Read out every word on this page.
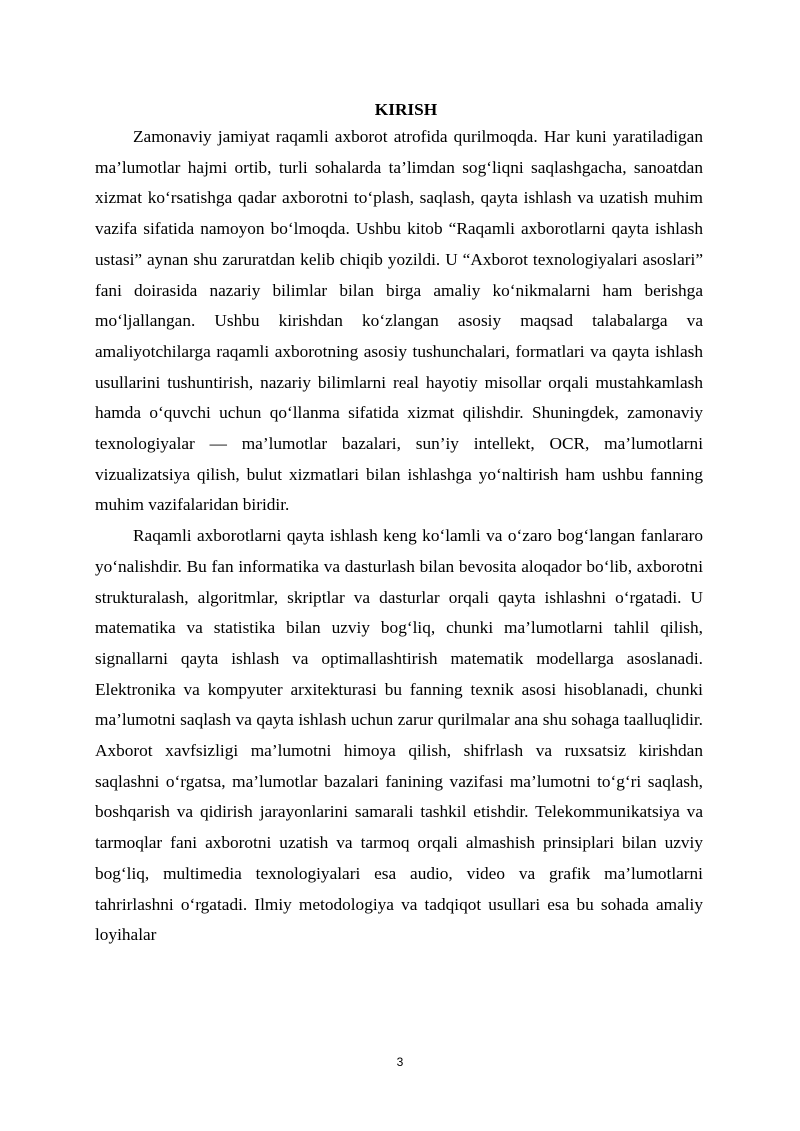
KIRISH

Zamonaviy jamiyat raqamli axborot atrofida qurilmoqda. Har kuni yaratiladigan ma’lumotlar hajmi ortib, turli sohalarda ta’limdan sog‘liqni saqlashgacha, sanoatdan xizmat ko‘rsatishga qadar axborotni to‘plash, saqlash, qayta ishlash va uzatish muhim vazifa sifatida namoyon bo‘lmoqda. Ushbu kitob “Raqamli axborotlarni qayta ishlash ustasi” aynan shu zaruratdan kelib chiqib yozildi. U “Axborot texnologiyalari asoslari” fani doirasida nazariy bilimlar bilan birga amaliy ko‘nikmalarni ham berishga mo‘ljallangan. Ushbu kirishdan ko‘zlangan asosiy maqsad talabalarga va amaliyotchilarga raqamli axborotning asosiy tushunchalari, formatlari va qayta ishlash usullarini tushuntirish, nazariy bilimlarni real hayotiy misollar orqali mustahkamlash hamda o‘quvchi uchun qo‘llanma sifatida xizmat qilishdir. Shuningdek, zamonaviy texnologiyalar — ma’lumotlar bazalari, sun’iy intellekt, OCR, ma’lumotlarni vizualizatsiya qilish, bulut xizmatlari bilan ishlashga yo‘naltirish ham ushbu fanning muhim vazifalaridan biridir.

Raqamli axborotlarni qayta ishlash keng ko‘lamli va o‘zaro bog‘langan fanlararo yo‘nalishdir. Bu fan informatika va dasturlash bilan bevosita aloqador bo‘lib, axborotni strukturalash, algoritmlar, skriptlar va dasturlar orqali qayta ishlashni o‘rgatadi. U matematika va statistika bilan uzviy bog‘liq, chunki ma’lumotlarni tahlil qilish, signallarni qayta ishlash va optimallashtirish matematik modellarga asoslanadi. Elektronika va kompyuter arxitekturasi bu fanning texnik asosi hisoblanadi, chunki ma’lumotni saqlash va qayta ishlash uchun zarur qurilmalar ana shu sohaga taalluqlidir. Axborot xavfsizligi ma’lumotni himoya qilish, shifrlash va ruxsatsiz kirishdan saqlashni o‘rgatsa, ma’lumotlar bazalari fanining vazifasi ma’lumotni to‘g‘ri saqlash, boshqarish va qidirish jarayonlarini samarali tashkil etishdir. Telekommunikatsiya va tarmoqlar fani axborotni uzatish va tarmoq orqali almashish prinsiplari bilan uzviy bog‘liq, multimedia texnologiyalari esa audio, video va grafik ma’lumotlarni tahrirlashni o‘rgatadi. Ilmiy metodologiya va tadqiqot usullari esa bu sohada amaliy loyihalar

3
